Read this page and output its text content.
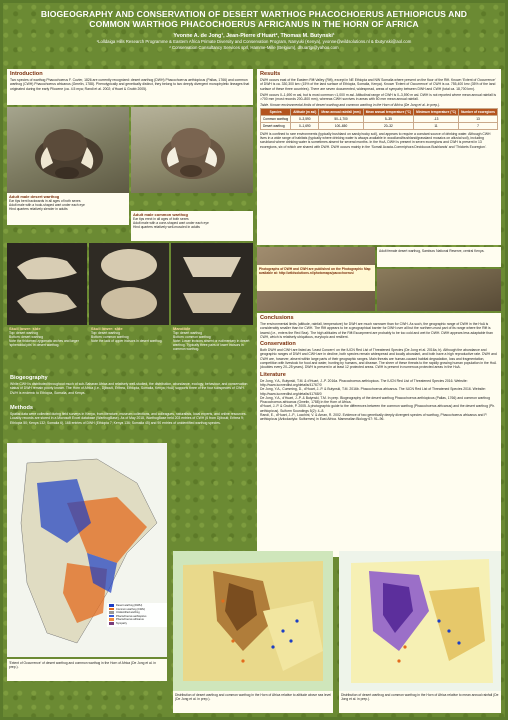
BIOGEOGRAPHY AND CONSERVATION OF DESERT WARTHOG PHACOCHOERUS AETHIOPICUS AND
COMMON WARTHOG PHACOCHOERUS AFRICANUS IN THE HORN OF AFRICA
Yvonne A. de Jong¹, Jean-Pierre d'Huart², Thomas M. Butynski¹
¹Lolldaiga Hills Research Programme & Eastern Africa Primate Diversity and Conservation Program, Nanyuki (Kenya), yvonne@wildsolutions.nl & tbutynski@aol.com
² Conservation Consultancy Services sprl, Hamme-Mille (Belgium), dhuartjp@yahoo.com
Introduction

Two species of warthog Phacochoerus F. Cuvier, 1826 are currently recognized: desert warthog (DWH) Phacochoerus aethiopicus (Pallas, 1766) and common warthog (CWH) Phacochoerus africanus (Gmelin, 1788). Phenotypically and genetically distinct, they belong to two deeply divergent monophyletic lineages that originated during the early Pliocene (ca. 4.5 mya; Randi et al. 2002; d'Huart & Grubb 2005).

Adult male desert warthog
Ear tips bent backwards in all ages of both sexes
Adult male with a hook-shaped wart under each eye
Hind quarters relatively slender in adults
Adult male common warthog
Ear tips erect in all ages of both sexes
Adult male with a cone-shaped wart under each eye
Hind quarters relatively well-muscled in adults
Skull lower: side
Top: desert warthog
Bottom: desert warthog
Note the thickened zygomatic arches and larger 'sphenoidal pits' in desert warthog.
Skull lower: side
Top: desert warthog
Bottom: common warthog
Note the lack of upper incisors in desert warthog.
Mandible
Top: desert warthog
Bottom: common warthog
Note: Lower incisors absent or rudimentary in desert warthog. Typically three pairs of lower incisors in common warthog.
Biogeography

While CWH is distributed throughout much of sub-Saharan Africa and relatively well-studied, the distribution, abundance, ecology, behaviour, and conservation status of DWH remain poorly known. The Horn of Africa (i.e., Djibouti, Eritrea, Ethiopia, Somalia, Kenya; HoA) supports three of the four subspecies of CWH. DWH is endemic to Ethiopia, Somalia, and Kenya.

Methods

Spatial data were collected during field surveys in Kenya, from literature, museum collections, and colleagues, naturalists, local experts, and online resources. Locality records are stored in a Microsoft Excel database (WarthogBase). As of May 2018, WarthogBase held 203 entries of CWH (6 from Djibouti; Eritrea 9; Ethiopia 50; Kenya 132; Somalia 6), 168 entries of DWH (Ethiopia 7; Kenya 136; Somalia 45) and 90 entries of unidentified warthog species.

Results

DWH occurs east of the Eastern Rift Valley (Rift), except in NE Ethiopia and NW Somalia where present on the floor of the Rift. Known 'Extent of Occurrence' of DWH is ca. 330,300 km² (15% of the land surface of Ethiopia, Somalia, Kenya). Known 'Extent of Occurrence' of CWH is ca. 755,400 km² (35% of the land surface of these three countries). There are seven documented, widespread, areas of sympatry between DWH and CWH (total ca. 18,700 km²).

DWH occurs 0–1,690 m asl, but is most common <1,000 m asl. Altitudinal range of CWH is 0–3,590 m asl. DWH is not reported where mean annual rainfall is >700 mm (most records 200–800 mm), whereas CWH survives in areas with 50 mm mean annual rainfall.

Table. Known environmental limits of desert warthog and common warthog in the Horn of Africa (De Jong et al. in prep.).

Species	Altitude (m asl)	Mean annual rainfall (mm)	Mean annual temperature (°C)	Minimum temperature (°C)	Number of ecoregions
Common warthog	0–3,590	50–1,700	5–35	-13	13
Desert warthog	0–1,690	100–650	20–32	11	7

DWH is confined to rare environments (typically bushland on sandy/rocky soil), and appears to require a constant source of drinking water. Although CWH lives in a wide range of habitats (typically where drinking water is always available in woodland/bushland/grassland mosaics on alluvial soil), including scrubland where drinking water is sometimes absent for several months. In the HoA, DWH is present in seven ecoregions and CWH is present in 13 ecoregions, six of which are shared with DWH. DWH occurs mainly in the 'Somali Acacia-Commiphora Deciduous Bushlands' and 'Thickets Ecoregion'.

Adult female desert warthog, Samburu National Reserve, central Kenya.
Photographs of DWH and CWH are published on the Photographic Map available at: http://wildsolutions.nl/photomaps/pacochoerus/
Conclusions

The environmental limits (altitude, rainfall, temperature) for DWH are much narrower than for CWH. As such, the geographic range of DWH in the HoA is considerably smaller than for CWH. The Rift appears to be a geographical barrier for DWH over all but the northern-most part of its range where the Rift is lowest (i.e., enters the Red Sea). The high altitudes of the Rift Escarpment are probably to be too cold and wet for DWH. DWH appears less adaptable than CWH, which is relatively ubiquitous, eurytopic and resilient.

Conservation

Both DWH and CWH are listed as 'Least Concern' on the IUCN Red List of Threatened Species (De Jong et al. 2016a, b). Although the abundance and geographic ranges of DWH and CWH are in decline, both species remain widespread and locally abundant, and both have a high reproductive rate. DWH and CWH are, however, absent within large parts of their geographic ranges. Main threats are human-caused habitat degradation, loss and fragmentation, competition with livestock for food and water, hunting by humans, and disease. The sheer of these threats to the rapidly growing human population in the HoA (doubles every 20–25 years). DWH is present in at least 12 protected areas. CWH is present in numerous protected areas in the HoA.

Literature

De Jong, Y.A., Butynski, T.M. & d'Huart, J.-P. 2016a. Phacochoerus aethiopicus. The IUCN Red List of Threatened Species 2016. Website: http://www.iucnredlist.org/details/41767/0

De Jong, Y.A., Cumming, D., d'Huart, J.-P. & Butynski, T.M. 2016b. Phacochoerus africanus. The IUCN Red List of Threatened Species 2016. Website: http://www.iucnredlist.org/details/41768/0

De Jong, Y.A., d'Huart, J.-P. & Butynski, T.M. In prep. Biogeography of the desert warthog Phacochoerus aethiopicus (Pallas, 1766) and common warthog Phacochoerus africanus (Gmelin, 1788) in the Horn of Africa.

d'Huart, J.-P. & Grubb, P. 2005. A photographic guide to the differences between the common warthog (Phacochoerus africanus) and the desert warthog (Ph. aethiopicus). Suiform Soundings 5(2): 4–8.

Randi, E., d'Huart, J.-P., Lucchini, V. & Aman, R. 2002. Evidence of two genetically deeply divergent species of warthog, Phacochoerus africanus and P. aethiopicus (Artiodactyla: Suiformes) in East Africa. Mammalian Biology 67: 91–96.

Desert warthog (DWH)
Common warthog (CWH)
Unidentified warthog
Phacochoerus aethiopicus
Phacochoerus africanus
Sympatry
'Extent of Occurrence' of desert warthog and common warthog in the Horn of Africa (De Jong et al. in prep.).
Distribution of desert warthog and common warthog in the Horn of Africa relative to altitude above sea level (De Jong et al. in prep.).
Distribution of desert warthog and common warthog in the Horn of Africa relative to mean annual rainfall (De Jong et al. in prep.).
